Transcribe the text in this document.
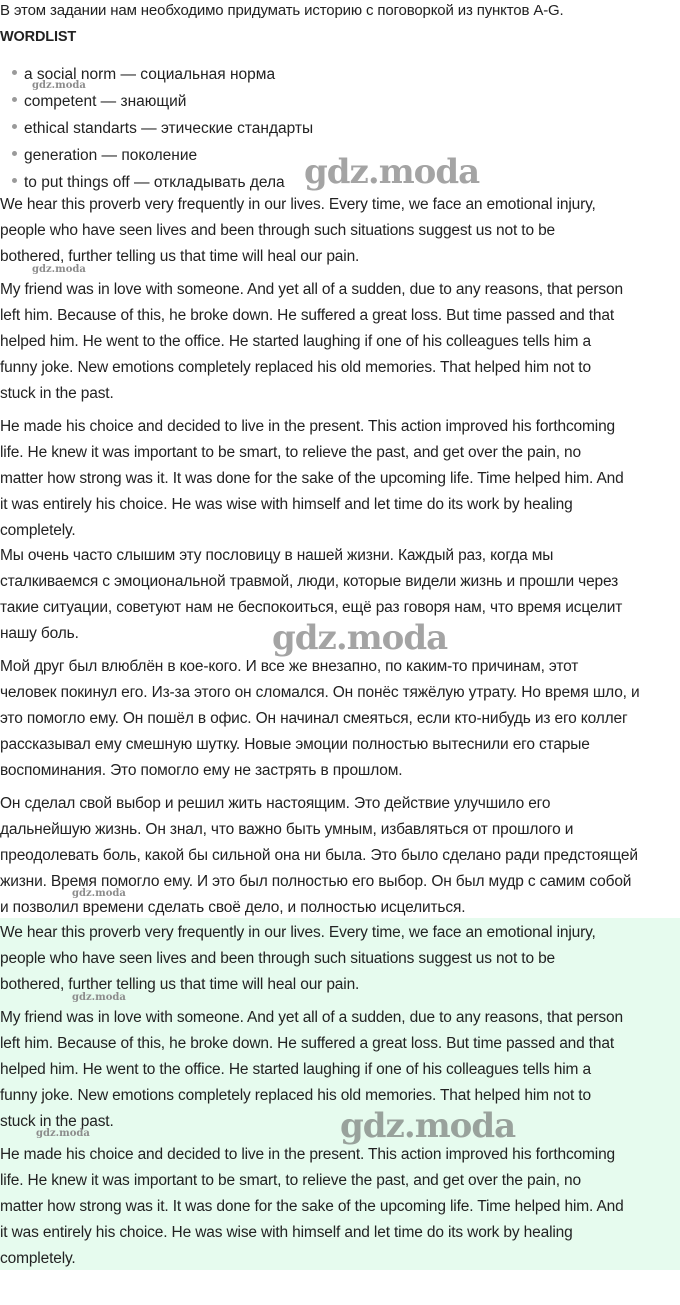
В этом задании нам необходимо придумать историю с поговоркой из пунктов A-G.
WORDLIST
a social norm — социальная норма
competent — знающий
ethical standarts — этические стандарты
generation — поколение
to put things off — откладывать дела
We hear this proverb very frequently in our lives. Every time, we face an emotional injury,
people who have seen lives and been through such situations suggest us not to be
bothered, further telling us that time will heal our pain.
My friend was in love with someone. And yet all of a sudden, due to any reasons, that person
left him. Because of this, he broke down. He suffered a great loss. But time passed and that
helped him. He went to the office. He started laughing if one of his colleagues tells him a
funny joke. New emotions completely replaced his old memories. That helped him not to
stuck in the past.
He made his choice and decided to live in the present. This action improved his forthcoming
life. He knew it was important to be smart, to relieve the past, and get over the pain, no
matter how strong was it. It was done for the sake of the upcoming life. Time helped him. And
it was entirely his choice. He was wise with himself and let time do its work by healing
completely.
Мы очень часто слышим эту пословицу в нашей жизни. Каждый раз, когда мы
сталкиваемся с эмоциональной травмой, люди, которые видели жизнь и прошли через
такие ситуации, советуют нам не беспокоиться, ещё раз говоря нам, что время исцелит
нашу боль.
Мой друг был влюблён в кое-кого. И все же внезапно, по каким-то причинам, этот
человек покинул его. Из-за этого он сломался. Он понёс тяжёлую утрату. Но время шло, и
это помогло ему. Он пошёл в офис. Он начинал смеяться, если кто-нибудь из его коллег
рассказывал ему смешную шутку. Новые эмоции полностью вытеснили его старые
воспоминания. Это помогло ему не застрять в прошлом.
Он сделал свой выбор и решил жить настоящим. Это действие улучшило его
дальнейшую жизнь. Он знал, что важно быть умным, избавляться от прошлого и
преодолевать боль, какой бы сильной она ни была. Это было сделано ради предстоящей
жизни. Время помогло ему. И это был полностью его выбор. Он был мудр с самим собой
и позволил времени сделать своё дело, и полностью исцелиться.
We hear this proverb very frequently in our lives. Every time, we face an emotional injury,
people who have seen lives and been through such situations suggest us not to be
bothered, further telling us that time will heal our pain.
My friend was in love with someone. And yet all of a sudden, due to any reasons, that person
left him. Because of this, he broke down. He suffered a great loss. But time passed and that
helped him. He went to the office. He started laughing if one of his colleagues tells him a
funny joke. New emotions completely replaced his old memories. That helped him not to
stuck in the past.
He made his choice and decided to live in the present. This action improved his forthcoming
life. He knew it was important to be smart, to relieve the past, and get over the pain, no
matter how strong was it. It was done for the sake of the upcoming life. Time helped him. And
it was entirely his choice. He was wise with himself and let time do its work by healing
completely.
gdz.moda
gdz.moda
gdz.moda
gdz.moda
gdz.moda
gdz.moda
gdz.moda
gdz.moda
